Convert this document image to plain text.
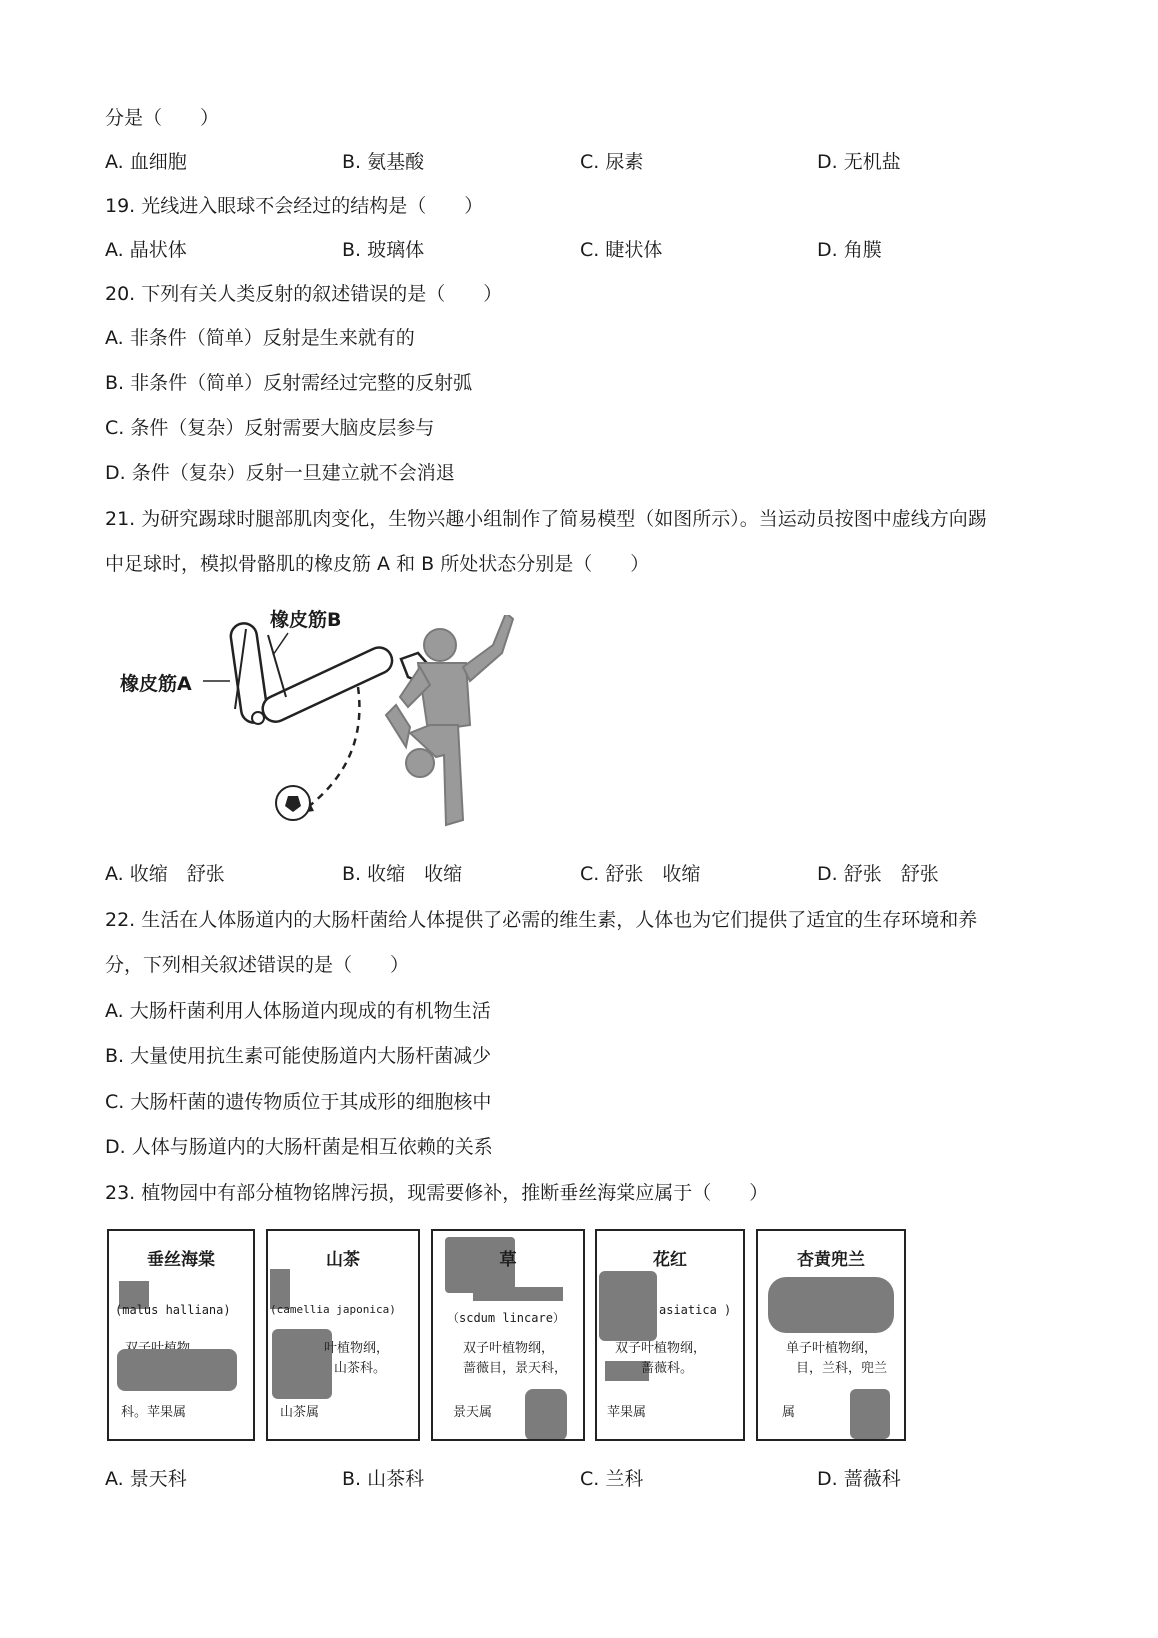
分是（　　）
A. 血细胞	B. 氨基酸	C. 尿素	D. 无机盐
19. 光线进入眼球不会经过的结构是（　　）
A. 晶状体	B. 玻璃体	C. 睫状体	D. 角膜
20. 下列有关人类反射的叙述错误的是（　　）
A. 非条件（简单）反射是生来就有的
B. 非条件（简单）反射需经过完整的反射弧
C. 条件（复杂）反射需要大脑皮层参与
D. 条件（复杂）反射一旦建立就不会消退
21. 为研究踢球时腿部肌肉变化，生物兴趣小组制作了简易模型（如图所示）。当运动员按图中虚线方向踢
中足球时，模拟骨骼肌的橡皮筋 A 和 B 所处状态分别是（　　）
橡皮筋B
橡皮筋A
A. 收缩　舒张	B. 收缩　收缩	C. 舒张　收缩	D. 舒张　舒张
22. 生活在人体肠道内的大肠杆菌给人体提供了必需的维生素，人体也为它们提供了适宜的生存环境和养
分，下列相关叙述错误的是（　　）
A. 大肠杆菌利用人体肠道内现成的有机物生活
B. 大量使用抗生素可能使肠道内大肠杆菌减少
C. 大肠杆菌的遗传物质位于其成形的细胞核中
D. 人体与肠道内的大肠杆菌是相互依赖的关系
23. 植物园中有部分植物铭牌污损，现需要修补，推断垂丝海棠应属于（　　）
垂丝海棠
(malus halliana)
科。苹果属
山茶
(camellia japonica)
叶植物纲，
山茶科。
山茶属
草
（scdum lincare）
双子叶植物纲，
蔷薇目，景天科，
景天属
花红
asiatica )
双子叶植物纲，
蔷薇科。
苹果属
杏黄兜兰
单子叶植物纲，
目，兰科，兜兰
属
A. 景天科	B. 山茶科	C. 兰科	D. 蔷薇科
